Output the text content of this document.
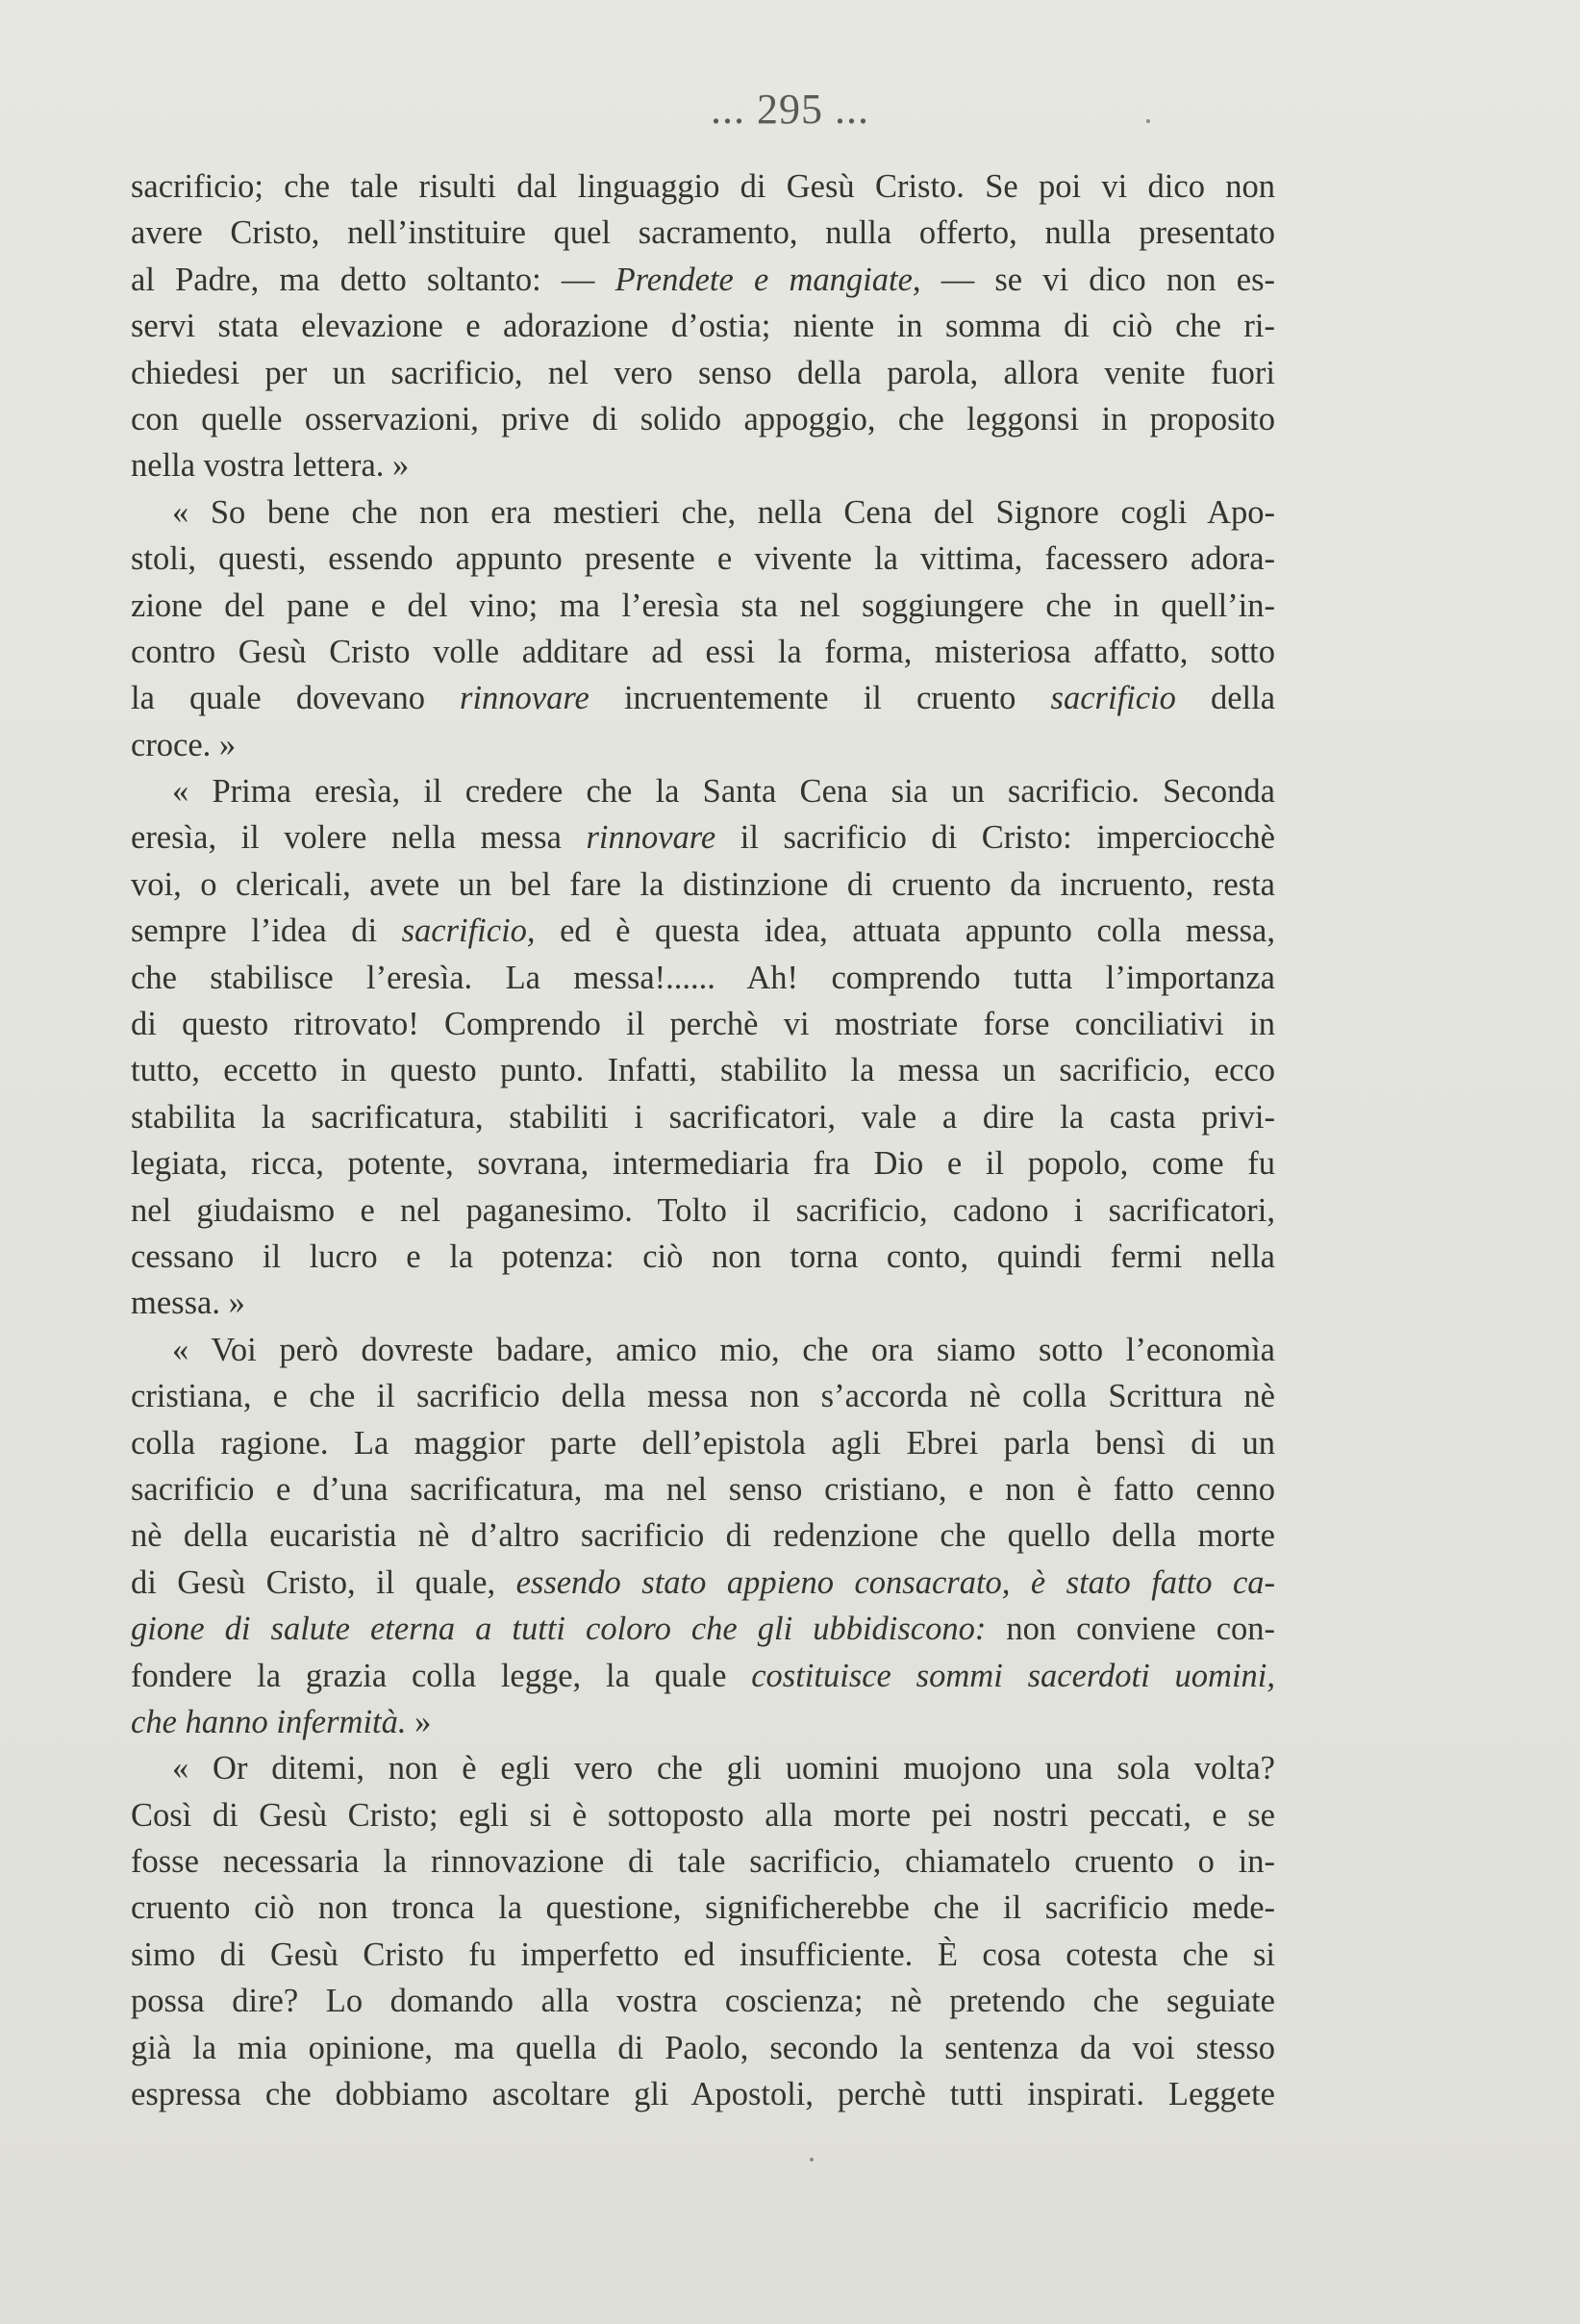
... 295 ...
sacrificio; che tale risulti dal linguaggio di Gesù Cristo. Se poi vi dico non
avere Cristo, nell’instituire quel sacramento, nulla offerto, nulla presentato
al Padre, ma detto soltanto: — Prendete e mangiate, — se vi dico non es-
servi stata elevazione e adorazione d’ostia; niente in somma di ciò che ri-
chiedesi per un sacrificio, nel vero senso della parola, allora venite fuori
con quelle osservazioni, prive di solido appoggio, che leggonsi in proposito
nella vostra lettera. »
« So bene che non era mestieri che, nella Cena del Signore cogli Apo-
stoli, questi, essendo appunto presente e vivente la vittima, facessero adora-
zione del pane e del vino; ma l’eresìa sta nel soggiungere che in quell’in-
contro Gesù Cristo volle additare ad essi la forma, misteriosa affatto, sotto
la quale dovevano rinnovare incruentemente il cruento sacrificio della
croce. »
« Prima eresìa, il credere che la Santa Cena sia un sacrificio. Seconda
eresìa, il volere nella messa rinnovare il sacrificio di Cristo: imperciocchè
voi, o clericali, avete un bel fare la distinzione di cruento da incruento, resta
sempre l’idea di sacrificio, ed è questa idea, attuata appunto colla messa,
che stabilisce l’eresìa. La messa!...... Ah! comprendo tutta l’importanza
di questo ritrovato! Comprendo il perchè vi mostriate forse conciliativi in
tutto, eccetto in questo punto. Infatti, stabilito la messa un sacrificio, ecco
stabilita la sacrificatura, stabiliti i sacrificatori, vale a dire la casta privi-
legiata, ricca, potente, sovrana, intermediaria fra Dio e il popolo, come fu
nel giudaismo e nel paganesimo. Tolto il sacrificio, cadono i sacrificatori,
cessano il lucro e la potenza: ciò non torna conto, quindi fermi nella
messa. »
« Voi però dovreste badare, amico mio, che ora siamo sotto l’economìa
cristiana, e che il sacrificio della messa non s’accorda nè colla Scrittura nè
colla ragione. La maggior parte dell’epistola agli Ebrei parla bensì di un
sacrificio e d’una sacrificatura, ma nel senso cristiano, e non è fatto cenno
nè della eucaristia nè d’altro sacrificio di redenzione che quello della morte
di Gesù Cristo, il quale, essendo stato appieno consacrato, è stato fatto ca-
gione di salute eterna a tutti coloro che gli ubbidiscono: non conviene con-
fondere la grazia colla legge, la quale costituisce sommi sacerdoti uomini,
che hanno infermità. »
« Or ditemi, non è egli vero che gli uomini muojono una sola volta?
Così di Gesù Cristo; egli si è sottoposto alla morte pei nostri peccati, e se
fosse necessaria la rinnovazione di tale sacrificio, chiamatelo cruento o in-
cruento ciò non tronca la questione, significherebbe che il sacrificio mede-
simo di Gesù Cristo fu imperfetto ed insufficiente. È cosa cotesta che si
possa dire? Lo domando alla vostra coscienza; nè pretendo che seguiate
già la mia opinione, ma quella di Paolo, secondo la sentenza da voi stesso
espressa che dobbiamo ascoltare gli Apostoli, perchè tutti inspirati. Leggete
